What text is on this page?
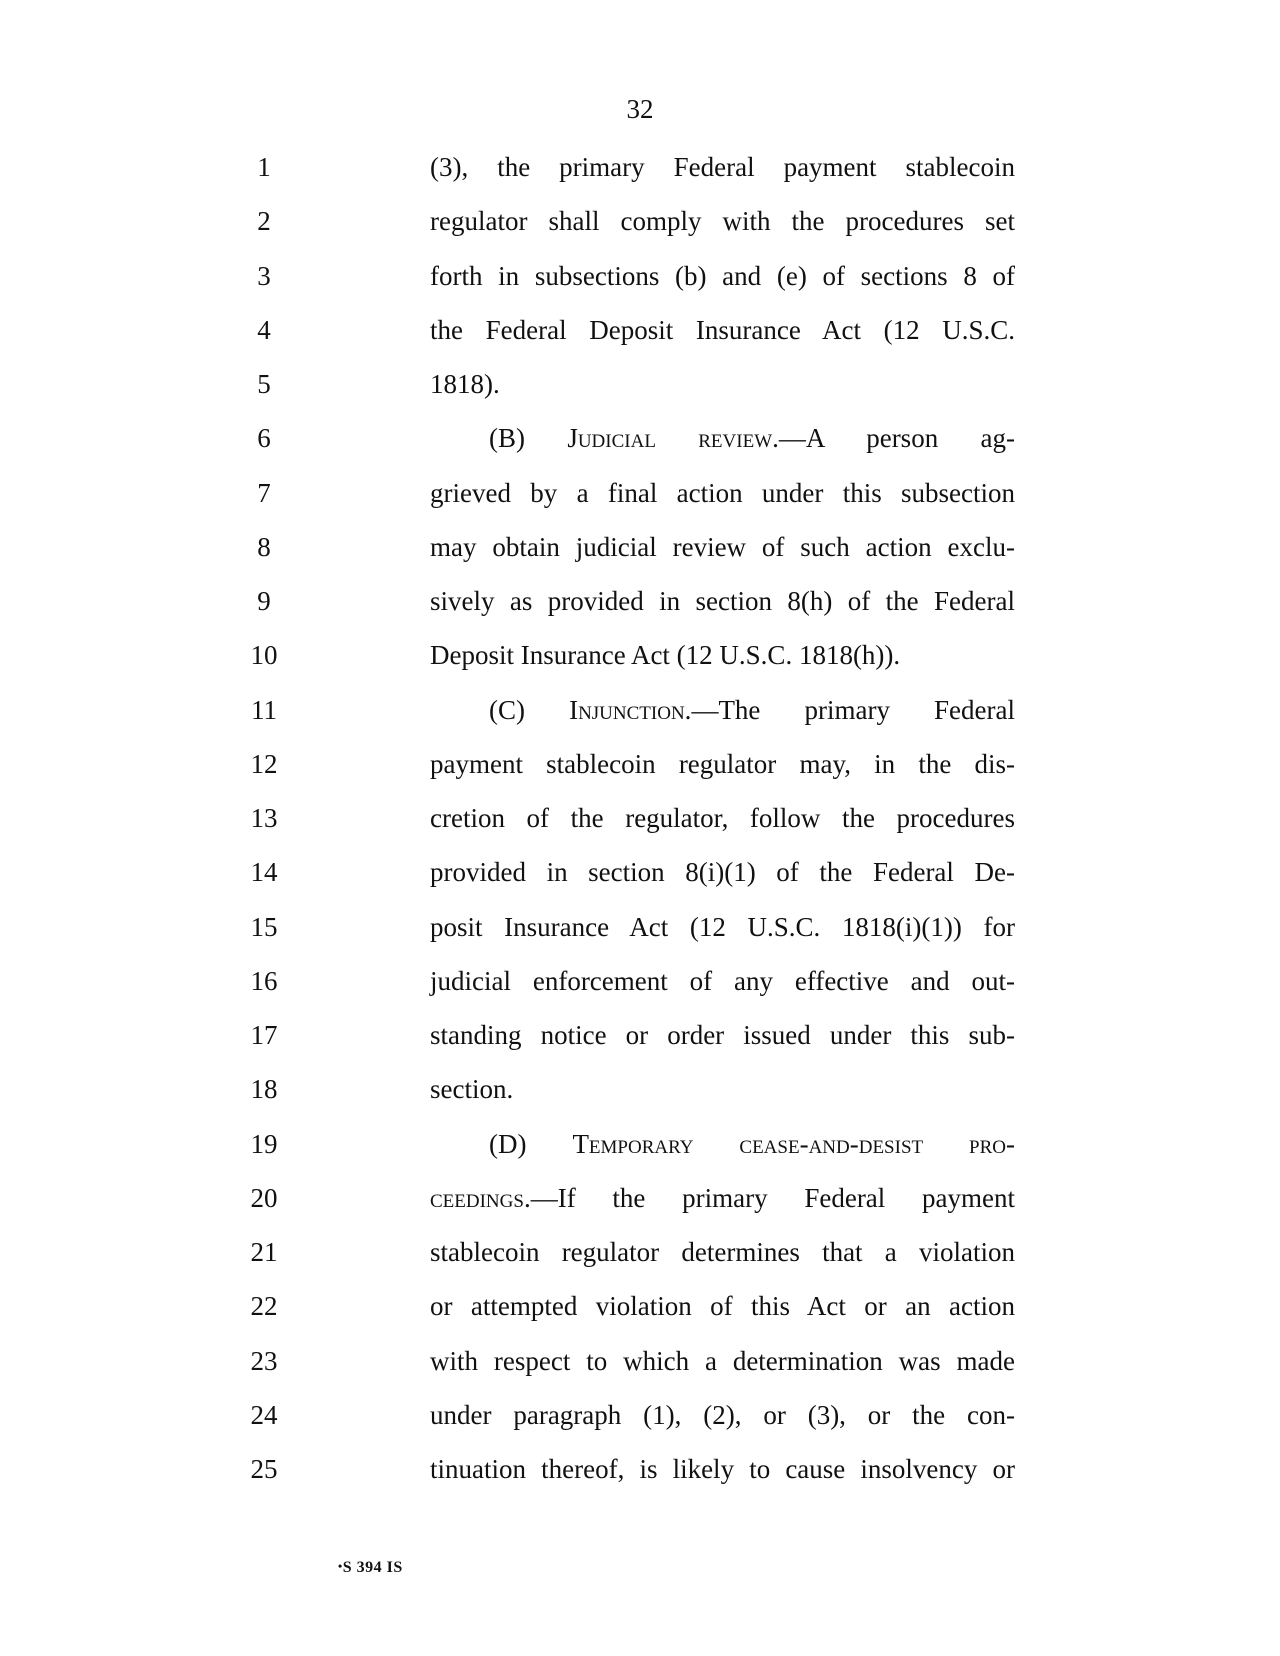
32
1	(3), the primary Federal payment stablecoin
2	regulator shall comply with the procedures set
3	forth in subsections (b) and (e) of sections 8 of
4	the Federal Deposit Insurance Act (12 U.S.C.
5	1818).
6	(B) Judicial review.—A person ag-
7	grieved by a final action under this subsection
8	may obtain judicial review of such action exclu-
9	sively as provided in section 8(h) of the Federal
10	Deposit Insurance Act (12 U.S.C. 1818(h)).
11	(C) Injunction.—The primary Federal
12	payment stablecoin regulator may, in the dis-
13	cretion of the regulator, follow the procedures
14	provided in section 8(i)(1) of the Federal De-
15	posit Insurance Act (12 U.S.C. 1818(i)(1)) for
16	judicial enforcement of any effective and out-
17	standing notice or order issued under this sub-
18	section.
19	(D) Temporary cease-and-desist pro-
20	ceedings.—If the primary Federal payment
21	stablecoin regulator determines that a violation
22	or attempted violation of this Act or an action
23	with respect to which a determination was made
24	under paragraph (1), (2), or (3), or the con-
25	tinuation thereof, is likely to cause insolvency or
•S 394 IS
